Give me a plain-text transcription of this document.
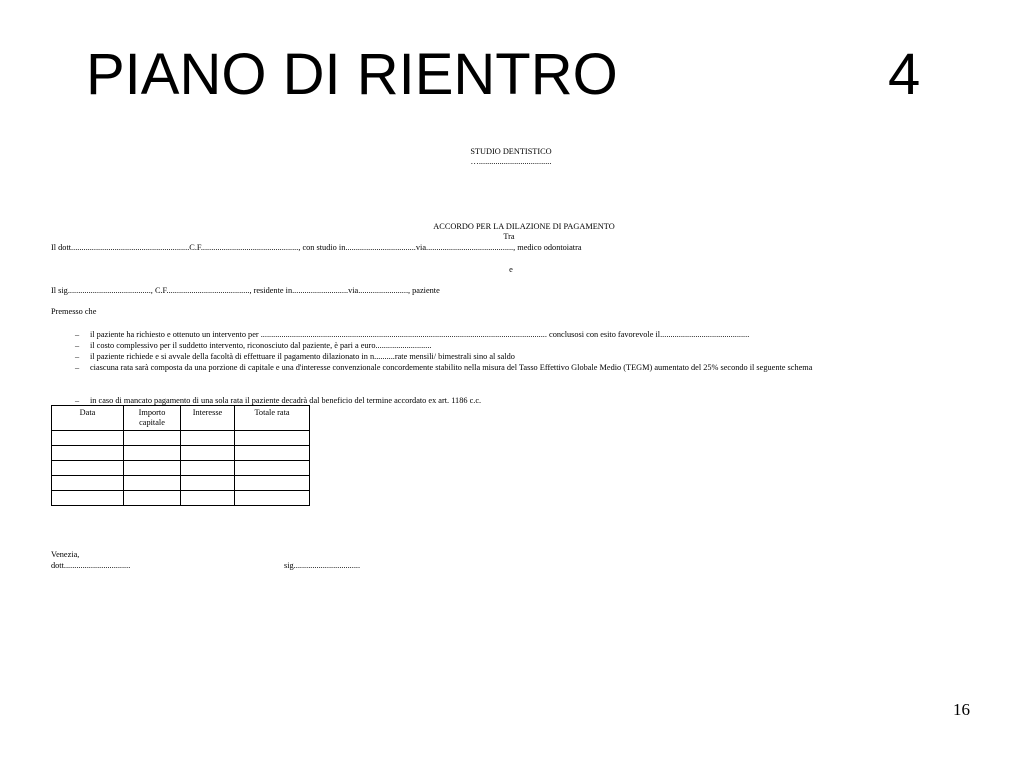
PIANO DI RIENTRO	4
STUDIO DENTISTICO
…...................................
ACCORDO PER LA DILAZIONE DI PAGAMENTO
Tra
Il dott.........................................................C.F..............................................., con studio in..................................via.........................................., medico odontoiatra
e
Il sig........................................, C.F........................................, residente in...........................via........................, paziente
Premesso che
– il paziente ha richiesto e ottenuto un intervento per .......................................................................................................................................... conclusosi con esito favorevole il...........................................
– il costo complessivo per il suddetto intervento, riconosciuto dal paziente, è pari a euro...........................
– il paziente richiede e si avvale della facoltà di effettuare il pagamento dilazionato in n..........rate mensili/ bimestrali sino al saldo
– ciascuna rata sarà composta da una porzione di capitale e una d'interesse convenzionale concordemente stabilito nella misura del Tasso Effettivo Globale Medio (TEGM) aumentato del 25% secondo il seguente schema
– in caso di mancato pagamento di una sola rata il paziente decadrà dal beneficio del termine accordato ex art. 1186 c.c.
Data	Importo capitale	Interesse	Totale rata

Venezia,
dott................................	sig................................
16
